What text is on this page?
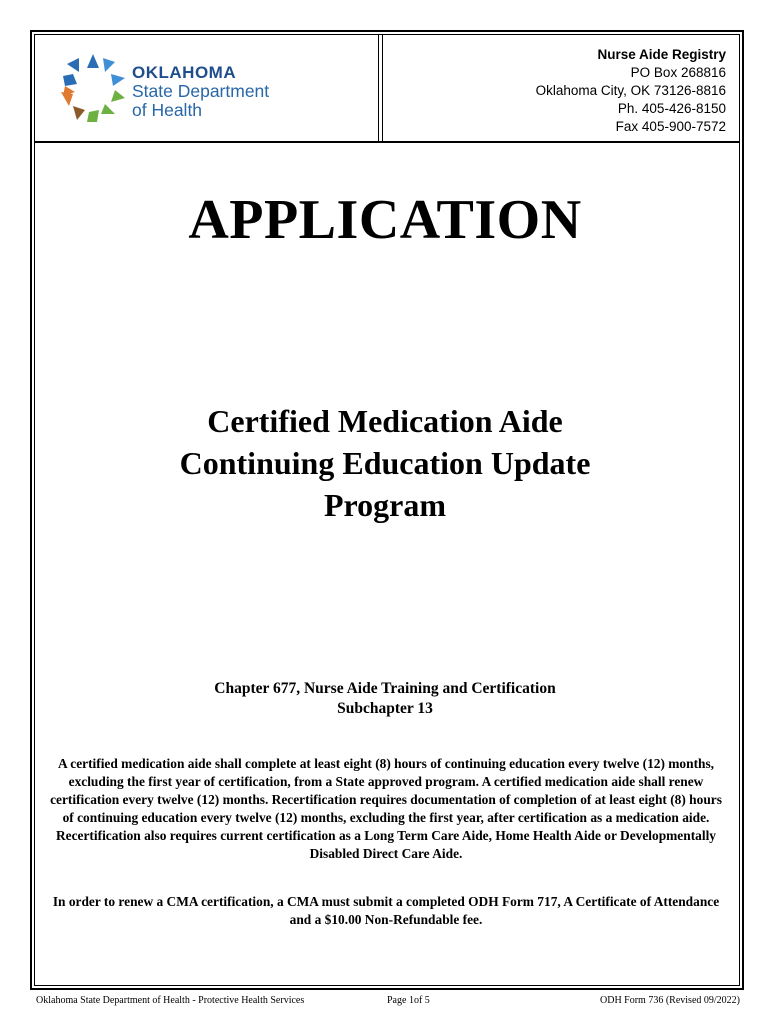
OKLAHOMA
State Department
of Health
Nurse Aide Registry
PO Box 268816
Oklahoma City, OK 73126-8816
Ph. 405-426-8150
Fax 405-900-7572
APPLICATION
Certified Medication Aide
Continuing Education Update
Program
Chapter 677, Nurse Aide Training and Certification
Subchapter 13
A certified medication aide shall complete at least eight (8) hours of continuing education every twelve (12) months, excluding the first year of certification, from a State approved program. A certified medication aide shall renew certification every twelve (12) months. Recertification requires documentation of completion of at least eight (8) hours of continuing education every twelve (12) months, excluding the first year, after certification as a medication aide. Recertification also requires current certification as a Long Term Care Aide, Home Health Aide or Developmentally Disabled Direct Care Aide.
In order to renew a CMA certification, a CMA must submit a completed ODH Form 717, A Certificate of Attendance and a $10.00 Non-Refundable fee.
Oklahoma State Department of Health - Protective Health Services	Page 1of 5	ODH Form 736 (Revised 09/2022)
